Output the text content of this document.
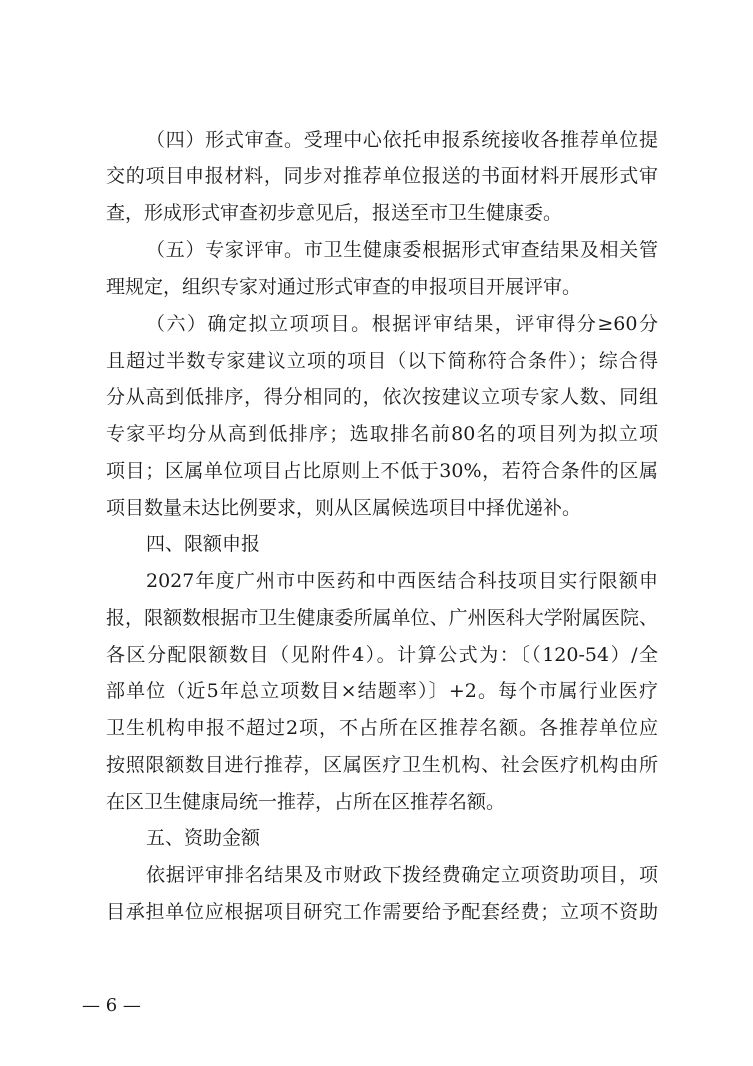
（四）形式审查。受理中心依托申报系统接收各推荐单位提

交的项目申报材料，同步对推荐单位报送的书面材料开展形式审

查，形成形式审查初步意见后，报送至市卫生健康委。

（五）专家评审。市卫生健康委根据形式审查结果及相关管

理规定，组织专家对通过形式审查的申报项目开展评审。

（六）确定拟立项项目。根据评审结果，评审得分≥60分

且超过半数专家建议立项的项目（以下简称符合条件）；综合得

分从高到低排序，得分相同的，依次按建议立项专家人数、同组

专家平均分从高到低排序；选取排名前80名的项目列为拟立项

项目；区属单位项目占比原则上不低于30%，若符合条件的区属

项目数量未达比例要求，则从区属候选项目中择优递补。

四、限额申报

2027年度广州市中医药和中西医结合科技项目实行限额申

报，限额数根据市卫生健康委所属单位、广州医科大学附属医院、

各区分配限额数目（见附件4）。计算公式为：〔（120-54）/全

部单位（近5年总立项数目×结题率）〕+2。每个市属行业医疗

卫生机构申报不超过2项，不占所在区推荐名额。各推荐单位应

按照限额数目进行推荐，区属医疗卫生机构、社会医疗机构由所

在区卫生健康局统一推荐，占所在区推荐名额。

五、资助金额

依据评审排名结果及市财政下拨经费确定立项资助项目，项

目承担单位应根据项目研究工作需要给予配套经费；立项不资助

— 6 —
